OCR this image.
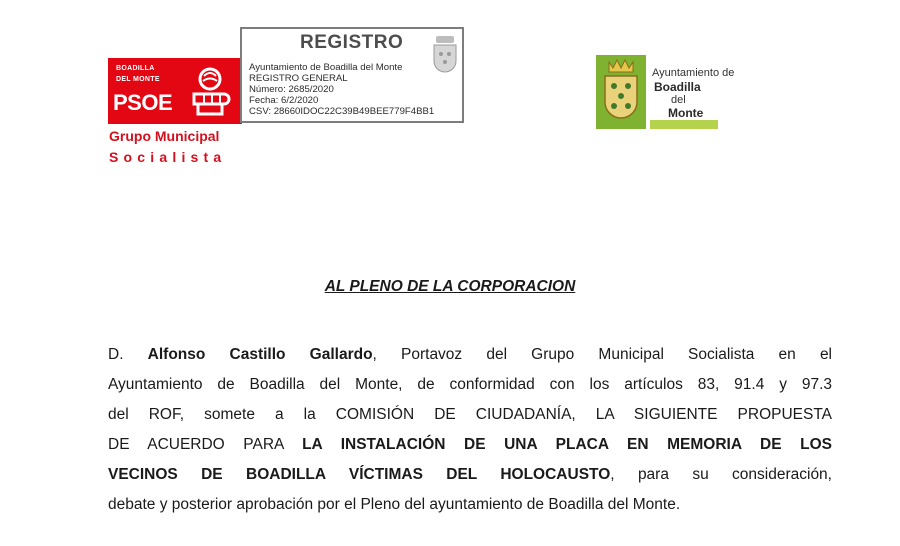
BOADILLA
DEL MONTE
PSOE
Grupo Municipal
Socialista
REGISTRO
Ayuntamiento de Boadilla del Monte
REGISTRO GENERAL
Número: 2685/2020
Fecha: 6/2/2020
CSV: 28660IDOC22C39B49BEE779F4BB1
Ayuntamiento de
Boadilla
del
Monte
AL PLENO DE LA CORPORACION
D. Alfonso Castillo Gallardo, Portavoz del Grupo Municipal Socialista en el
Ayuntamiento de Boadilla del Monte, de conformidad con los artículos 83, 91.4 y 97.3
del ROF, somete a la COMISIÓN DE CIUDADANÍA, LA SIGUIENTE PROPUESTA
DE ACUERDO PARA LA INSTALACIÓN DE UNA PLACA EN MEMORIA DE LOS
VECINOS DE BOADILLA VÍCTIMAS DEL HOLOCAUSTO, para su consideración,
debate y posterior aprobación por el Pleno del ayuntamiento de Boadilla del Monte.
